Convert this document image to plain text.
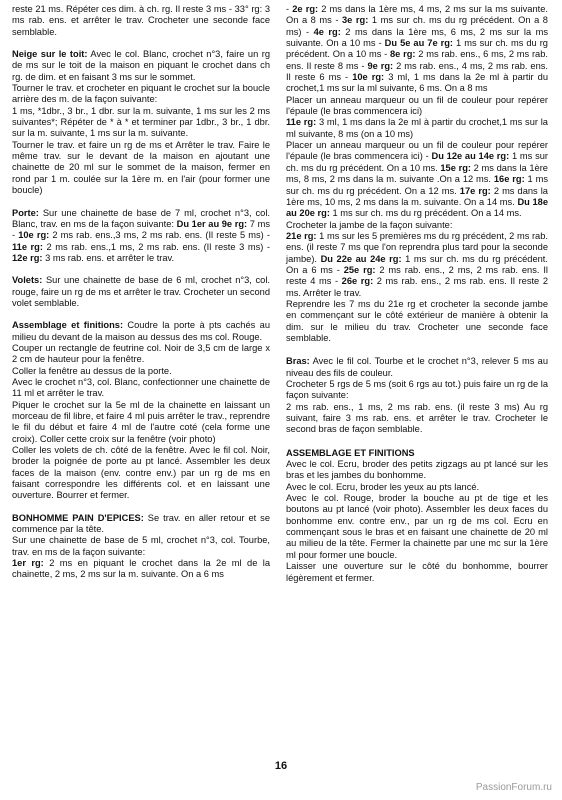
reste 21 ms. Répéter ces dim. à ch. rg. Il reste 3 ms - 33° rg: 3 ms rab. ens. et arrêter le trav. Crocheter une seconde face semblable.

Neige sur le toit: Avec le col. Blanc, crochet n°3, faire un rg de ms sur le toit de la maison en piquant le crochet dans ch rg. de dim. et en faisant 3 ms sur le sommet.

Tourner le trav. et crocheter en piquant le crochet sur la boucle arrière des m. de la façon suivante:

1 ms, *1dbr., 3 br., 1 dbr. sur la m. suivante, 1 ms sur les 2 ms suivantes*; Répéter de * à * et terminer par 1dbr., 3 br., 1 dbr. sur la m. suivante, 1 ms sur la m. suivante.

Tourner le trav. et faire un rg de ms et Arrêter le trav. Faire le même trav. sur le devant de la maison en ajoutant une chainette de 20 ml sur le sommet de la maison, fermer en rond par 1 m. coulée sur la 1ère m. en l'air (pour former une boucle)

Porte: Sur une chainette de base de 7 ml, crochet n°3, col. Blanc, trav. en ms de la façon suivante: Du 1er au 9e rg: 7 ms - 10e rg: 2 ms rab. ens.,3 ms, 2 ms rab. ens. (Il reste 5 ms) - 11e rg: 2 ms rab. ens.,1 ms, 2 ms rab. ens. (Il reste 3 ms) - 12e rg: 3 ms rab. ens. et arrêter le trav.

Volets: Sur une chainette de base de 6 ml, crochet n°3, col. rouge, faire un rg de ms et arrêter le trav. Crocheter un second volet semblable.

Assemblage et finitions: Coudre la porte à pts cachés au milieu du devant de la maison au dessus des ms col. Rouge.

Couper un rectangle de feutrine col. Noir de 3,5 cm de large x 2 cm de hauteur pour la fenêtre.

Coller la fenêtre au dessus de la porte.

Avec le crochet n°3, col. Blanc, confectionner une chainette de 11 ml et arrêter le trav.

Piquer le crochet sur la 5e ml de la chainette en laissant un morceau de fil libre, et faire 4 ml puis arrêter le trav., reprendre le fil du début et faire 4 ml de l'autre coté (cela forme une croix). Coller cette croix sur la fenêtre (voir photo)

Coller les volets de ch. côté de la fenêtre. Avec le fil col. Noir, broder la poignée de porte au pt lancé. Assembler les deux faces de la maison (env. contre env.) par un rg de ms en faisant correspondre les différents col. et en laissant une ouverture. Bourrer et fermer.

BONHOMME PAIN D'EPICES: Se trav. en aller retour et se commence par la tête.

Sur une chainette de base de 5 ml, crochet n°3, col. Tourbe, trav. en ms de la façon suivante:

1er rg: 2 ms en piquant le crochet dans la 2e ml de la chainette, 2 ms, 2 ms sur la m. suivante. On a 6 ms

- 2e rg: 2 ms dans la 1ère ms, 4 ms, 2 ms sur la ms suivante. On a 8 ms - 3e rg: 1 ms sur ch. ms du rg précédent. On a 8 ms) - 4e rg: 2 ms dans la 1ère ms, 6 ms, 2 ms sur la ms suivante. On a 10 ms - Du 5e au 7e rg: 1 ms sur ch. ms du rg précédent. On a 10 ms - 8e rg: 2 ms rab. ens., 6 ms, 2 ms rab. ens. Il reste 8 ms - 9e rg: 2 ms rab. ens., 4 ms, 2 ms rab. ens. Il reste 6 ms - 10e rg: 3 ml, 1 ms dans la 2e ml à partir du crochet,1 ms sur la ml suivante, 6 ms. On a 8 ms

Placer un anneau marqueur ou un fil de couleur pour repérer l'épaule (le bras commencera ici)

11e rg: 3 ml, 1 ms dans la 2e ml à partir du crochet,1 ms sur la ml suivante, 8 ms (on a 10 ms)

Placer un anneau marqueur ou un fil de couleur pour repérer l'épaule (le bras commencera ici) - Du 12e au 14e rg: 1 ms sur ch. ms du rg précédent. On a 10 ms. 15e rg: 2 ms dans la 1ère ms, 8 ms, 2 ms dans la m. suivante .On a 12 ms. 16e rg: 1 ms sur ch. ms du rg précédent. On a 12 ms. 17e rg: 2 ms dans la 1ère ms, 10 ms, 2 ms dans la m. suivante. On a 14 ms. Du 18e au 20e rg: 1 ms sur ch. ms du rg précédent. On a 14 ms.

Crocheter la jambe de la façon suivante:

21e rg: 1 ms sur les 5 premières ms du rg précédent, 2 ms rab. ens. (il reste 7 ms que l'on reprendra plus tard pour la seconde jambe). Du 22e au 24e rg: 1 ms sur ch. ms du rg précédent. On a 6 ms - 25e rg: 2 ms rab. ens., 2 ms, 2 ms rab. ens. Il reste 4 ms - 26e rg: 2 ms rab. ens., 2 ms rab. ens. Il reste 2 ms. Arrêter le trav.

Reprendre les 7 ms du 21e rg et crocheter la seconde jambe en commençant sur le côté extérieur de manière à obtenir la dim. sur le milieu du trav. Crocheter une seconde face semblable.

Bras: Avec le fil col. Tourbe et le crochet n°3, relever 5 ms au niveau des fils de couleur.

Crocheter 5 rgs de 5 ms (soit 6 rgs au tot.) puis faire un rg de la façon suivante:

2 ms rab. ens., 1 ms, 2 ms rab. ens. (il reste 3 ms) Au rg suivant, faire 3 ms rab. ens. et arrêter le trav. Crocheter le second bras de façon semblable.

ASSEMBLAGE ET FINITIONS

Avec le col. Ecru, broder des petits zigzags au pt lancé sur les bras et les jambes du bonhomme.

Avec le col. Ecru, broder les yeux au pts lancé.

Avec le col. Rouge, broder la bouche au pt de tige et les boutons au pt lancé (voir photo). Assembler les deux faces du bonhomme env. contre env., par un rg de ms col. Ecru en commençant sous le bras et en faisant une chainette de 20 ml au milieu de la tête. Fermer la chainette par une mc sur la 1ère ml pour former une boucle.

Laisser une ouverture sur le côté du bonhomme, bourrer légèrement et fermer.

16
PassionForum.ru
